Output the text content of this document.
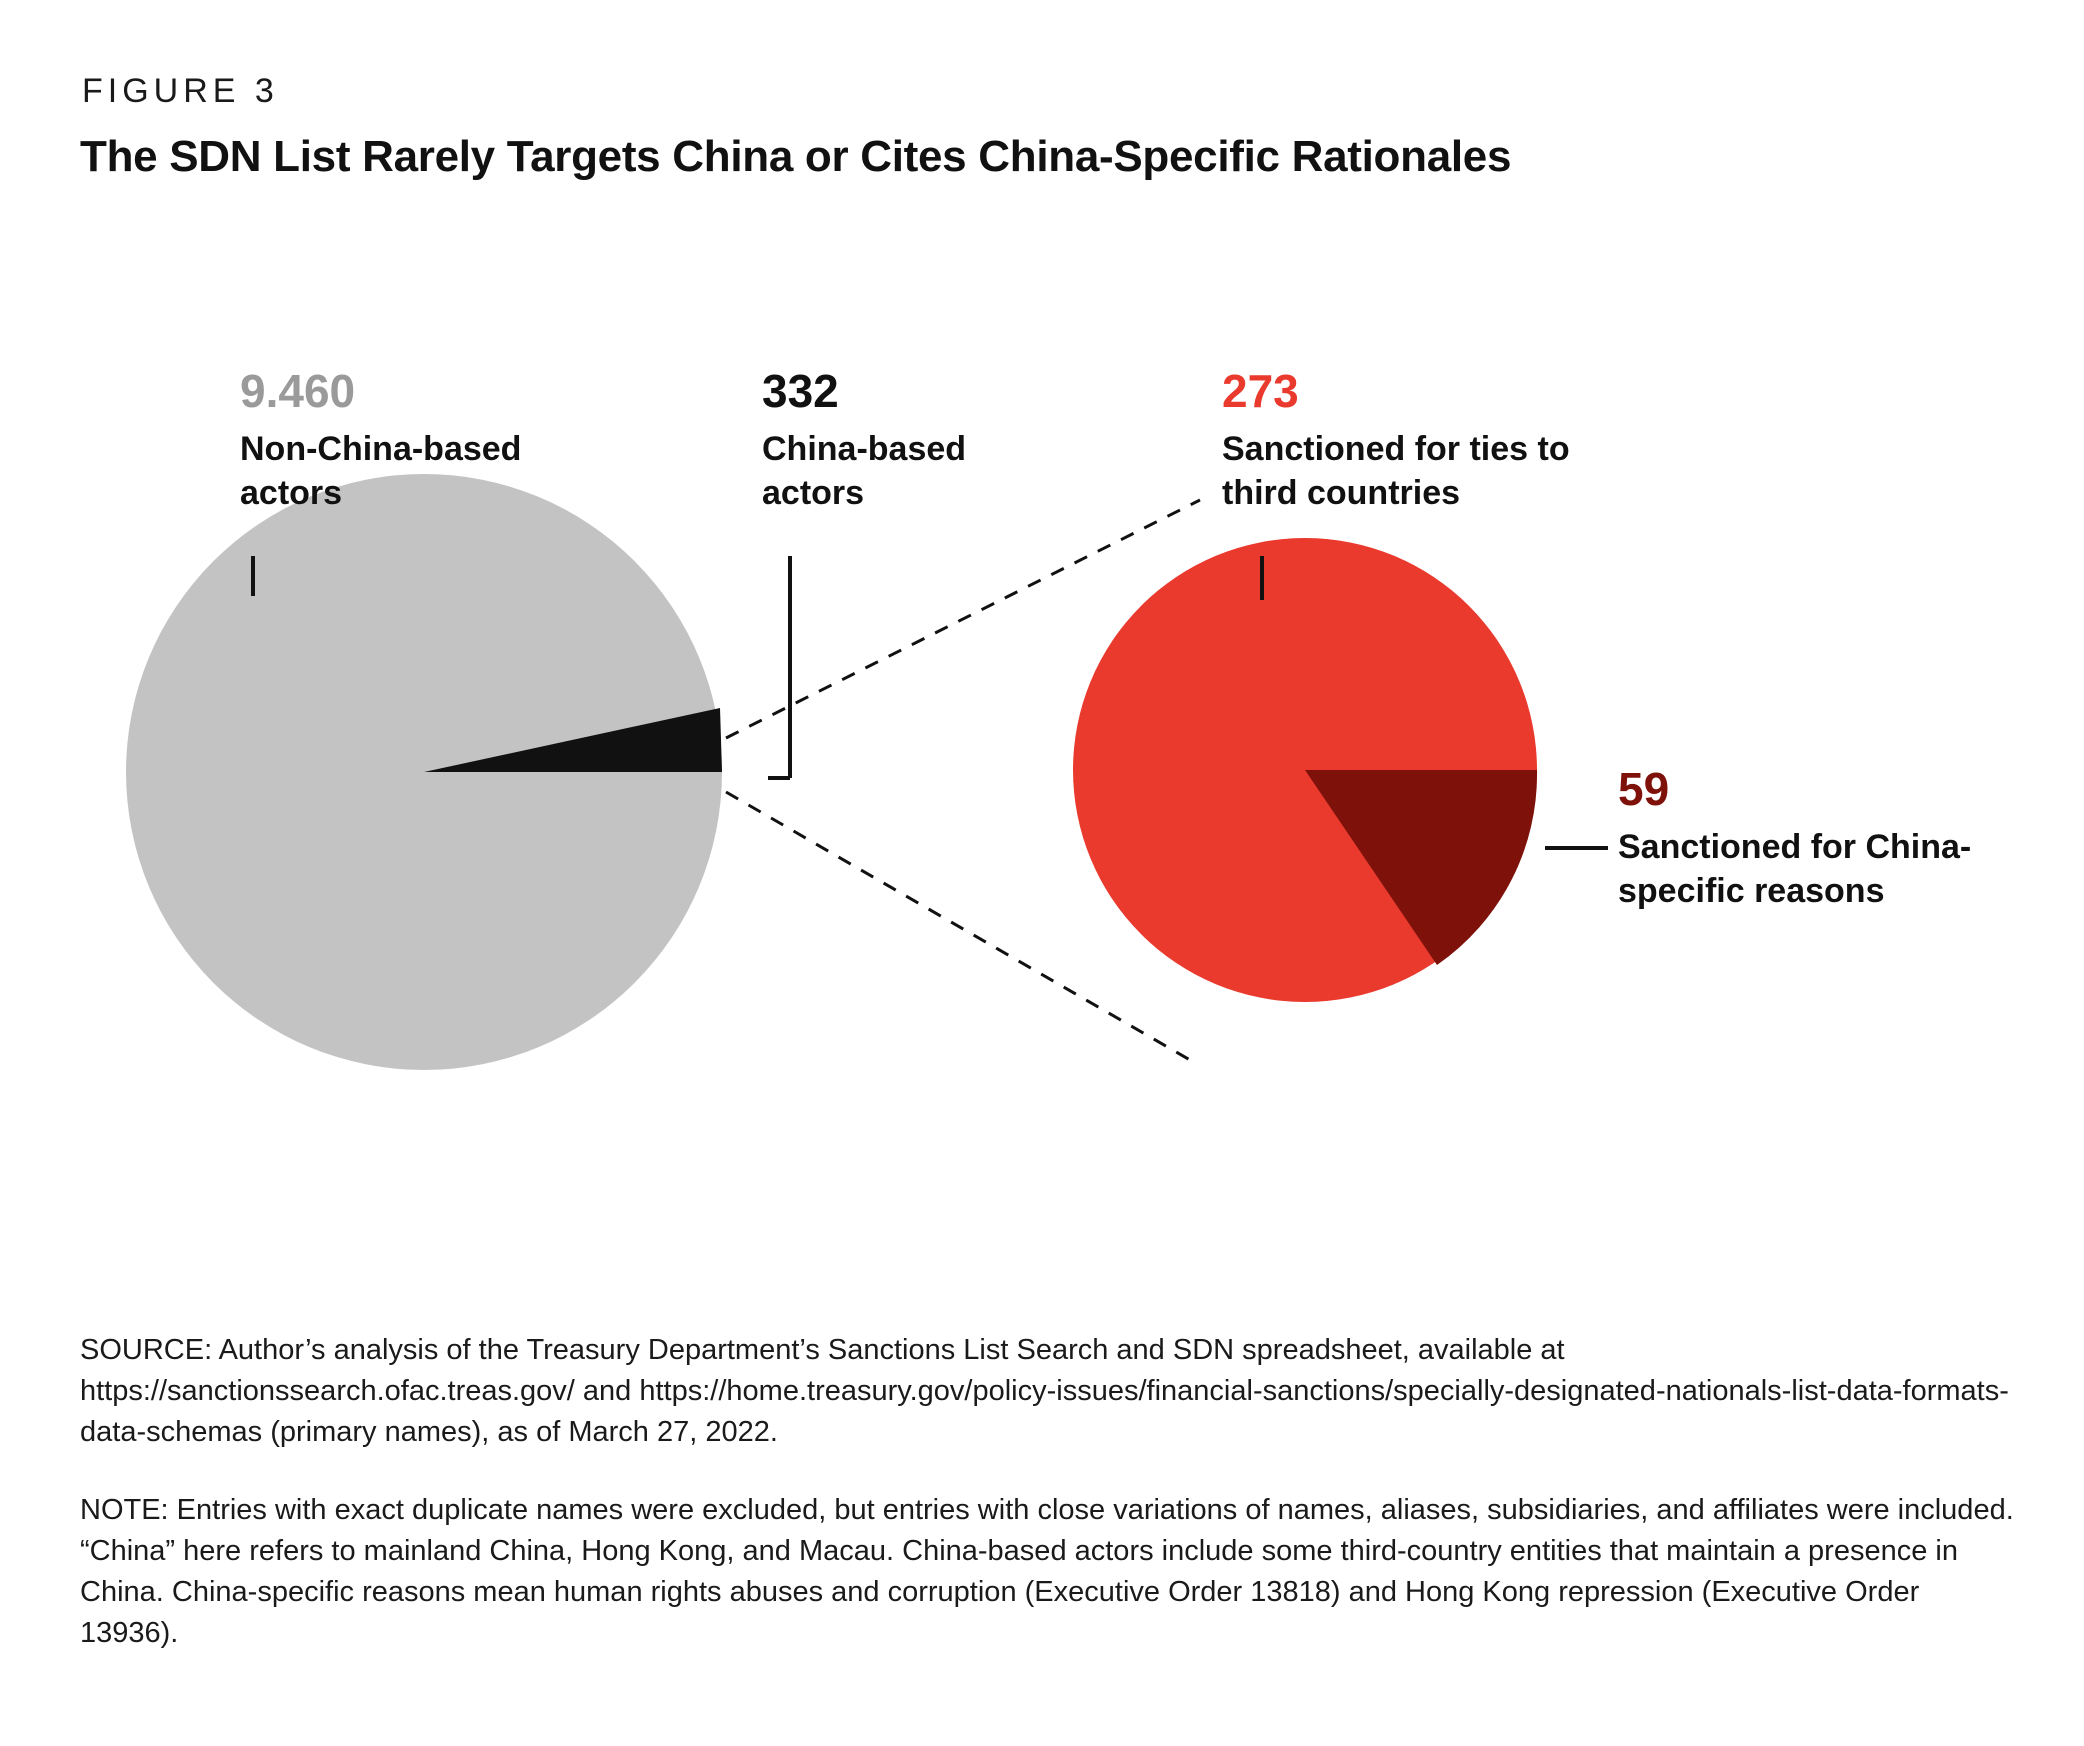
FIGURE 3
The SDN List Rarely Targets China or Cites China-Specific Rationales
9.460
Non-China-based actors
332
China-based actors
273
Sanctioned for ties to third countries
59
Sanctioned for China-specific reasons
SOURCE: Author’s analysis of the Treasury Department’s Sanctions List Search and SDN spreadsheet, available at https://sanctionssearch.ofac.treas.gov/ and https://home.treasury.gov/policy-issues/financial-sanctions/specially-designated-nationals-list-data-formats-data-schemas (primary names), as of March 27, 2022.
NOTE: Entries with exact duplicate names were excluded, but entries with close variations of names, aliases, subsidiaries, and affiliates were included. “China” here refers to mainland China, Hong Kong, and Macau. China-based actors include some third-country entities that maintain a presence in China. China-specific reasons mean human rights abuses and corruption (Executive Order 13818) and Hong Kong repression (Executive Order 13936).
